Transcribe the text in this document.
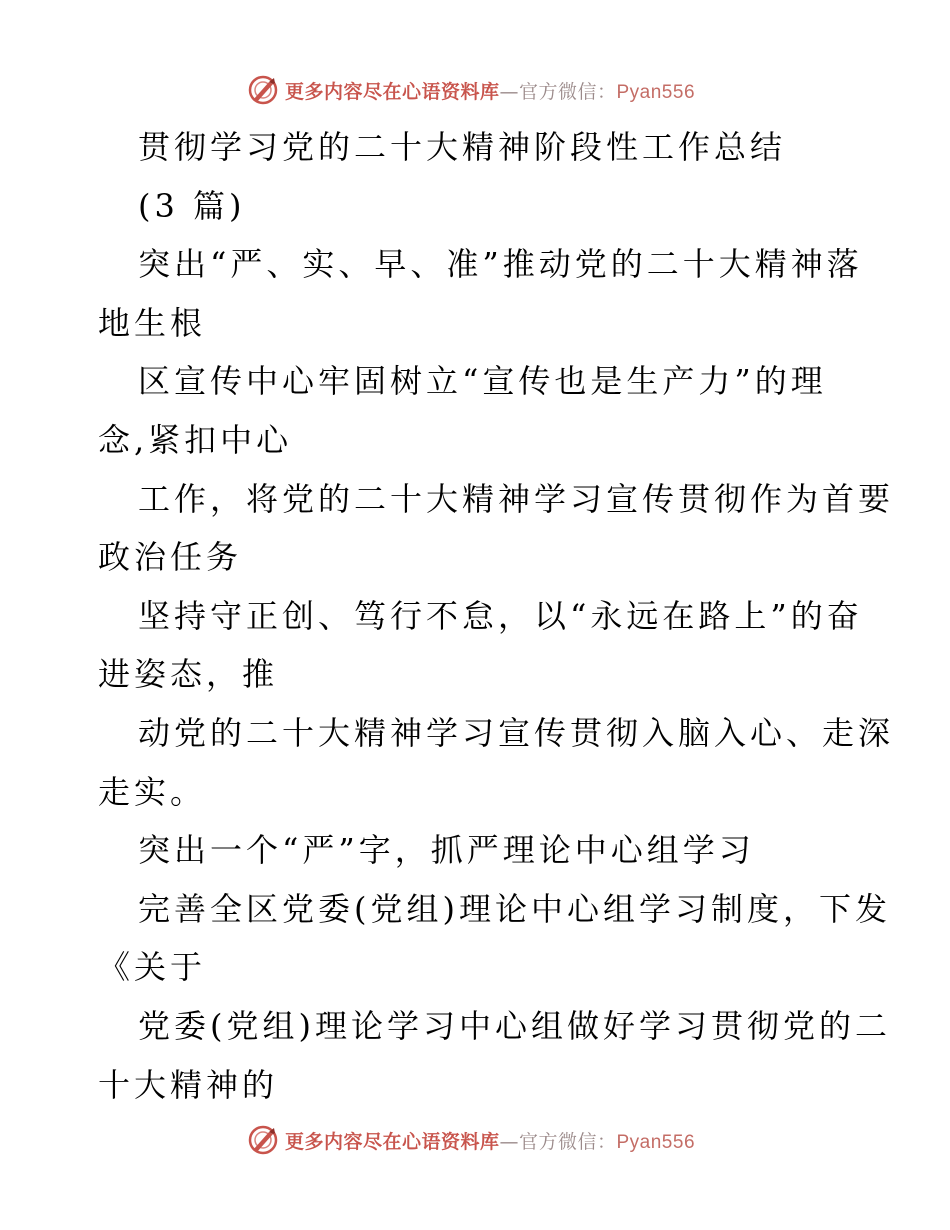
更多内容尽在心语资料库—官方微信：Pyan556
贯彻学习党的二十大精神阶段性工作总结
(3 篇)
突出“严、实、早、准”推动党的二十大精神落
地生根
区宣传中心牢固树立“宣传也是生产力”的理
念,紧扣中心
工作，将党的二十大精神学习宣传贯彻作为首要
政治任务
坚持守正创、笃行不怠，以“永远在路上”的奋
进姿态，推
动党的二十大精神学习宣传贯彻入脑入心、走深
走实。
突出一个“严”字，抓严理论中心组学习
完善全区党委(党组)理论中心组学习制度，下发
《关于
党委(党组)理论学习中心组做好学习贯彻党的二
十大精神的
更多内容尽在心语资料库—官方微信：Pyan556
